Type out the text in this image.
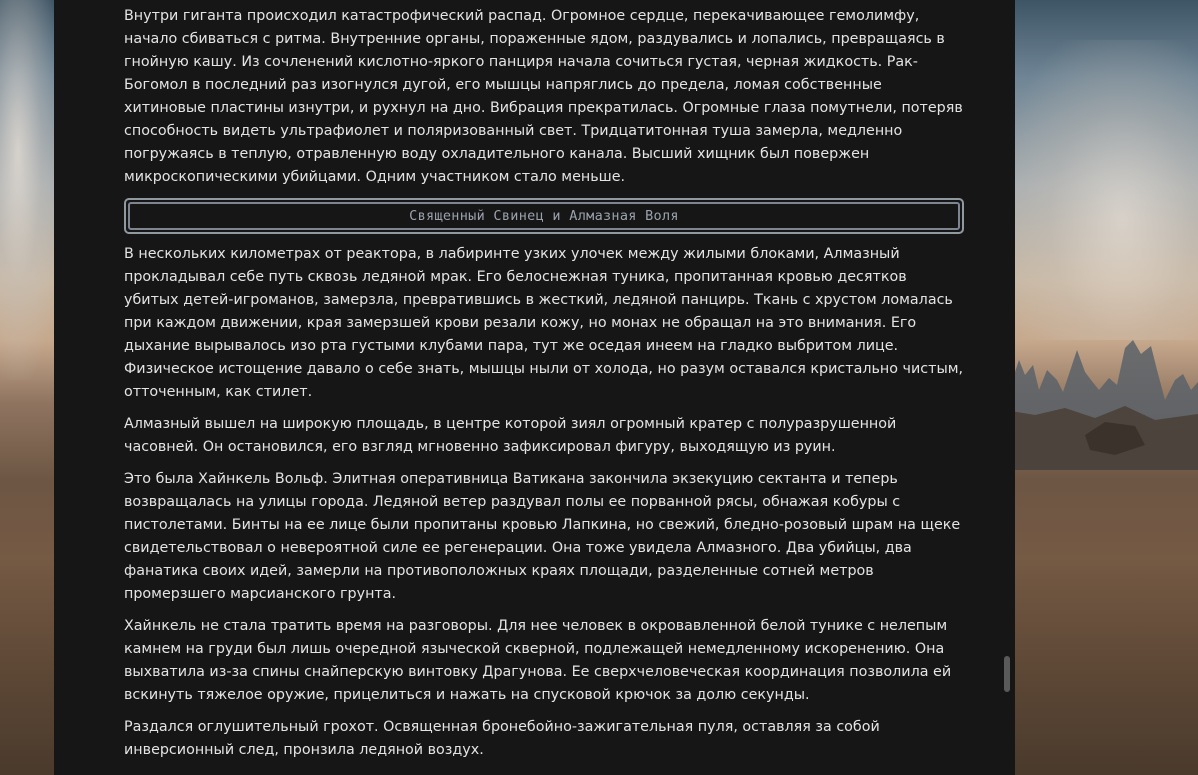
Внутри гиганта происходил катастрофический распад. Огромное сердце, перекачивающее гемолимфу, начало сбиваться с ритма. Внутренние органы, пораженные ядом, раздувались и лопались, превращаясь в гнойную кашу. Из сочленений кислотно-яркого панциря начала сочиться густая, черная жидкость. Рак-Богомол в последний раз изогнулся дугой, его мышцы напряглись до предела, ломая собственные хитиновые пластины изнутри, и рухнул на дно. Вибрация прекратилась. Огромные глаза помутнели, потеряв способность видеть ультрафиолет и поляризованный свет. Тридцатитонная туша замерла, медленно погружаясь в теплую, отравленную воду охладительного канала. Высший хищник был повержен микроскопическими убийцами. Одним участником стало меньше.

Священный Свинец и Алмазная Воля

В нескольких километрах от реактора, в лабиринте узких улочек между жилыми блоками, Алмазный прокладывал себе путь сквозь ледяной мрак. Его белоснежная туника, пропитанная кровью десятков убитых детей-игроманов, замерзла, превратившись в жесткий, ледяной панцирь. Ткань с хрустом ломалась при каждом движении, края замерзшей крови резали кожу, но монах не обращал на это внимания. Его дыхание вырывалось изо рта густыми клубами пара, тут же оседая инеем на гладко выбритом лице. Физическое истощение давало о себе знать, мышцы ныли от холода, но разум оставался кристально чистым, отточенным, как стилет.

Алмазный вышел на широкую площадь, в центре которой зиял огромный кратер с полуразрушенной часовней. Он остановился, его взгляд мгновенно зафиксировал фигуру, выходящую из руин.

Это была Хайнкель Вольф. Элитная оперативница Ватикана закончила экзекуцию сектанта и теперь возвращалась на улицы города. Ледяной ветер раздувал полы ее порванной рясы, обнажая кобуры с пистолетами. Бинты на ее лице были пропитаны кровью Лапкина, но свежий, бледно-розовый шрам на щеке свидетельствовал о невероятной силе ее регенерации. Она тоже увидела Алмазного. Два убийцы, два фанатика своих идей, замерли на противоположных краях площади, разделенные сотней метров промерзшего марсианского грунта.

Хайнкель не стала тратить время на разговоры. Для нее человек в окровавленной белой тунике с нелепым камнем на груди был лишь очередной языческой скверной, подлежащей немедленному искоренению. Она выхватила из-за спины снайперскую винтовку Драгунова. Ее сверхчеловеческая координация позволила ей вскинуть тяжелое оружие, прицелиться и нажать на спусковой крючок за долю секунды.

Раздался оглушительный грохот. Освященная бронебойно-зажигательная пуля, оставляя за собой инверсионный след, пронзила ледяной воздух.
